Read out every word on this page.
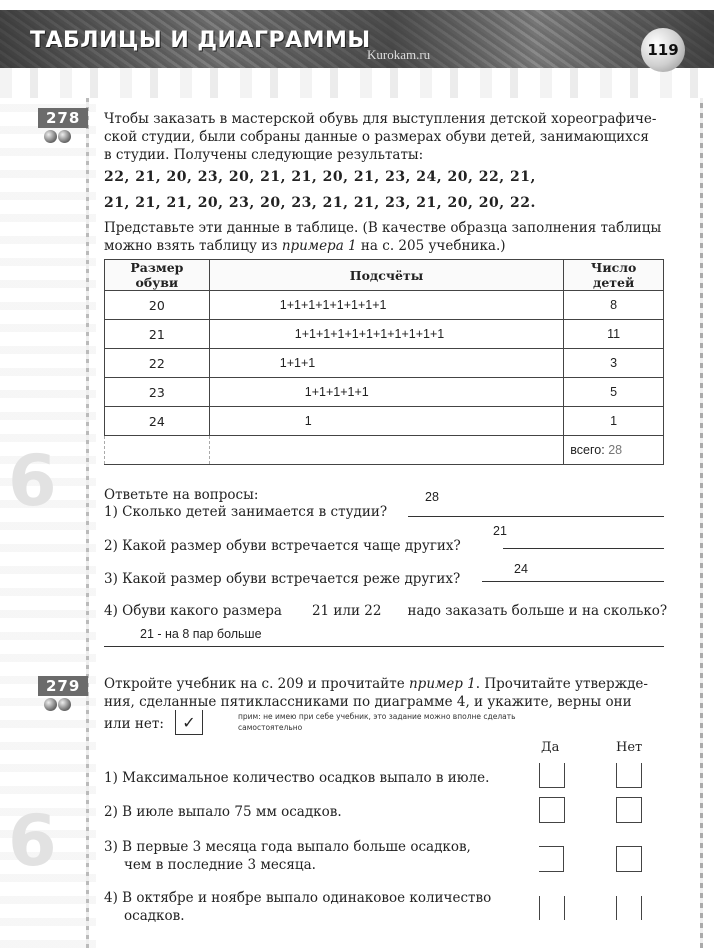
6
6
ТАБЛИЦЫ И ДИАГРАММЫ
Kurokam.ru	119
278	Чтобы заказать в мастерской обувь для выступления детской хореографиче-
ской студии, были собраны данные о размерах обуви детей, занимающихся
в студии. Получены следующие результаты:
22, 21, 20, 23, 20, 21, 21, 20, 21, 23, 24, 20, 22, 21,
21, 21, 21, 20, 23, 20, 23, 21, 21, 23, 21, 20, 20, 22.
Представьте эти данные в таблице. (В качестве образца заполнения таблицы
можно взять таблицу из примера 1 на с. 205 учебника.)
Размер обуви	Подсчёты	Число детей
20	1+1+1+1+1+1+1+1	8
21	1+1+1+1+1+1+1+1+1+1+1	11
22	1+1+1	3
23	1+1+1+1+1	5
24	1	1
		всего: 28
Ответьте на вопросы:
1) Сколько детей занимается в студии?
28
2) Какой размер обуви встречается чаще других?
21
3) Какой размер обуви встречается реже других?
24
4) Обуви какого размера 21 или 22 надо заказать больше и на сколько?
21 - на 8 пар больше
279	Откройте учебник на с. 209 и прочитайте пример 1. Прочитайте утвержде-
ния, сделанные пятиклассниками по диаграмме 4, и укажите, верны они
или нет: ✓	прим: не имею при себе учебник, это задание можно вполне сделать
самостоятельно
Да	Нет
1) Максимальное количество осадков выпало в июле.
2) В июле выпало 75 мм осадков.
3) В первые 3 месяца года выпало больше осадков,
чем в последние 3 месяца.
4) В октябре и ноябре выпало одинаковое количество
осадков.
